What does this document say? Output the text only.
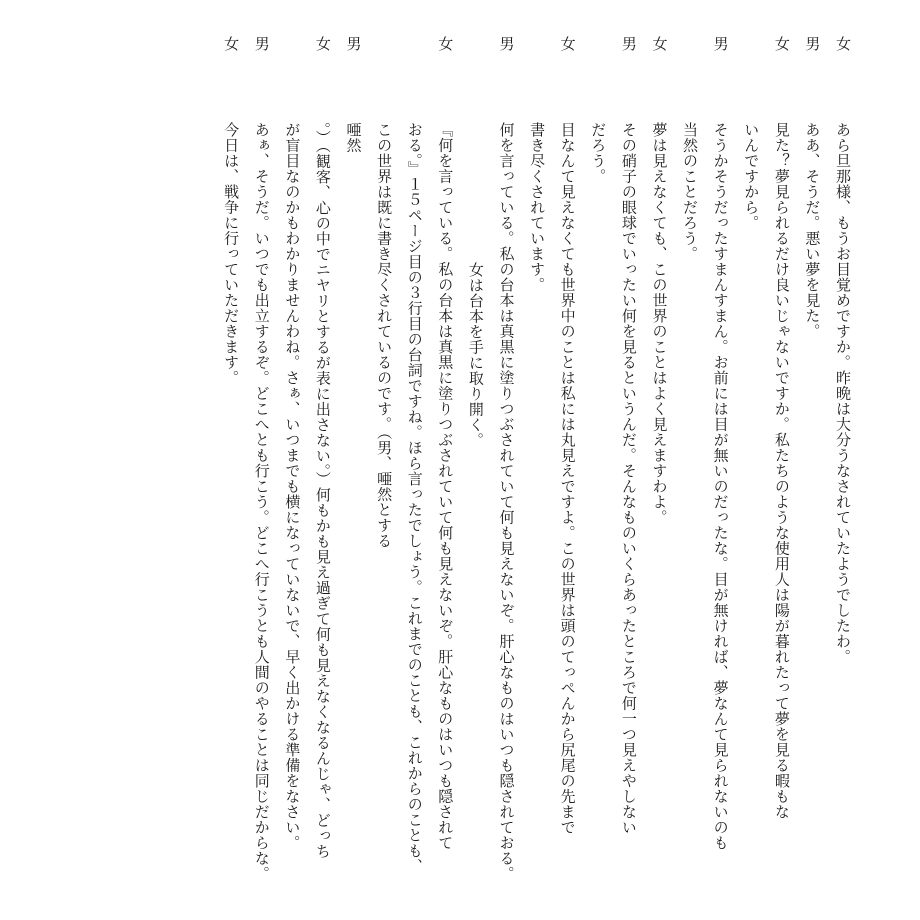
女あら旦那様、もうお目覚めですか。昨晩は大分うなされていたようでしたわ。
男ああ、そうだ。悪い夢を見た。
女見た？夢見られるだけ良いじゃないですか。私たちのような使用人は陽が暮れたって夢を見る暇もな
いんですから。
男そうかそうだったすまんすまん。お前には目が無いのだったな。目が無ければ、夢なんて見られないのも
当然のことだろう。
女夢は見えなくても、この世界のことはよく見えますわよ。
男その硝子の眼球でいったい何を見るというんだ。そんなものいくらあったところで何一つ見えやしない
だろう。
女目なんて見えなくても世界中のことは私には丸見えですよ。この世界は頭のてっぺんから尻尾の先まで
書き尽くされています。
男何を言っている。私の台本は真黒に塗りつぶされていて何も見えないぞ。肝心なものはいつも隠されておる。
女は台本を手に取り開く。
女『何を言っている。私の台本は真黒に塗りつぶされていて何も見えないぞ。肝心なものはいつも隠されて
おる。』１５ページ目の３行目の台詞ですね。ほら言ったでしょう。これまでのことも、これからのことも、
この世界は既に書き尽くされているのです。（男、唖然とする
男唖然
女。）（観客、心の中でニヤリとするが表に出さない。）何もかも見え過ぎて何も見えなくなるんじゃ、どっち
が盲目なのかもわかりませんわね。さぁ、いつまでも横になっていないで、早く出かける準備をなさい。
男あぁ、そうだ。いつでも出立するぞ。どこへとも行こう。どこへ行こうとも人間のやることは同じだからな。
女今日は、戦争に行っていただきます。
